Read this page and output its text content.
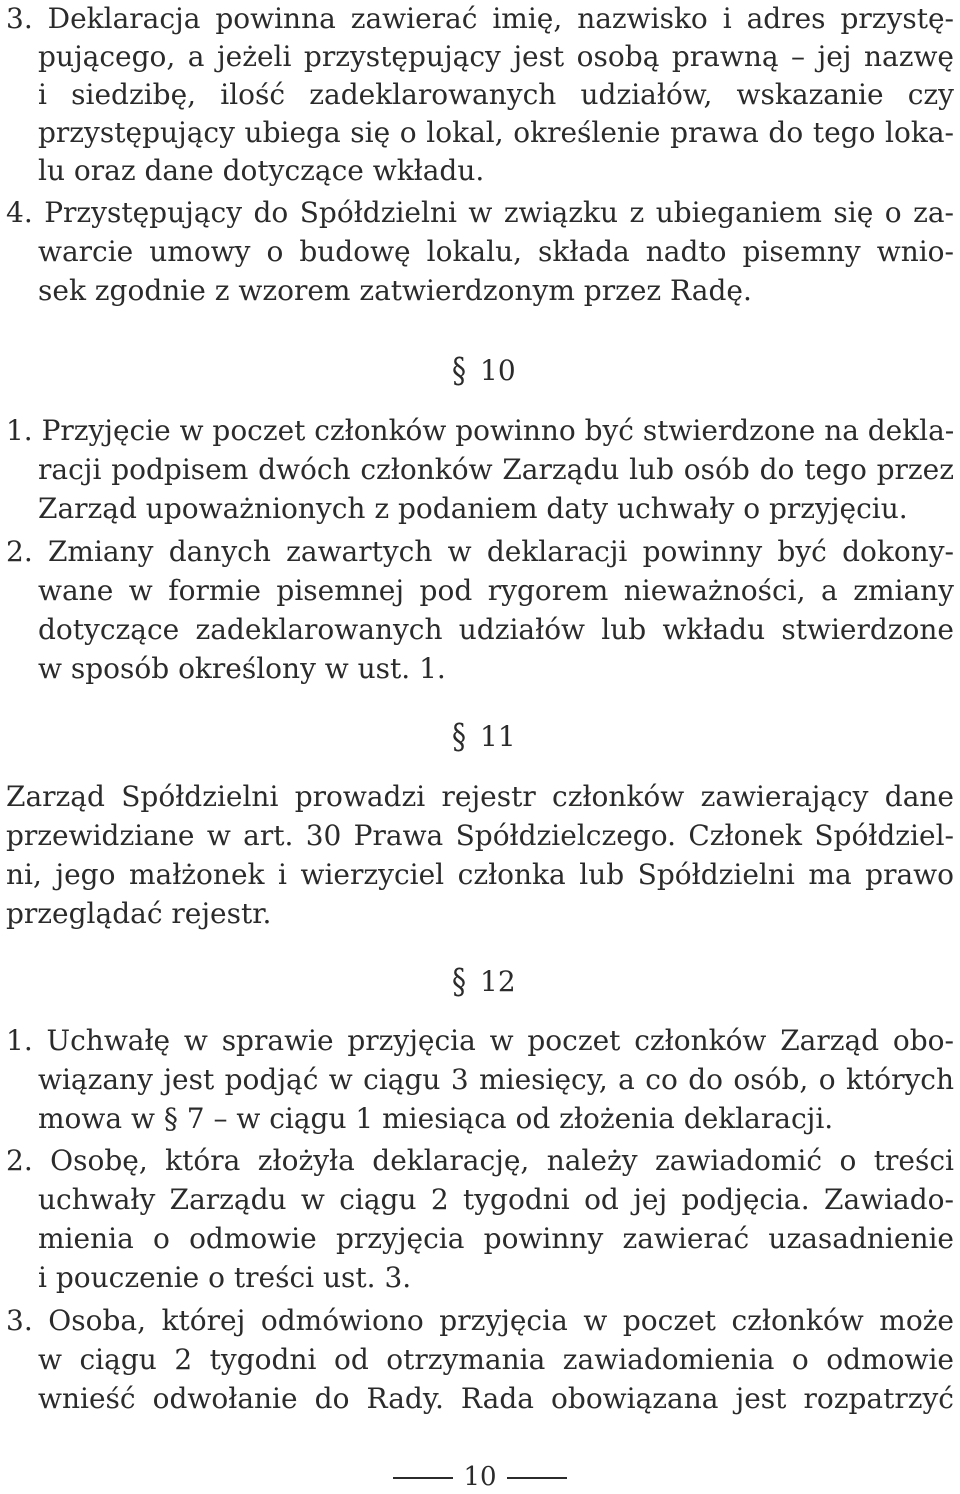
3. Deklaracja powinna zawierać imię, nazwisko i adres przystę-
pującego, a jeżeli przystępujący jest osobą prawną – jej nazwę
i siedzibę, ilość zadeklarowanych udziałów, wskazanie czy
przystępujący ubiega się o lokal, określenie prawa do tego loka-
lu oraz dane dotyczące wkładu.
4. Przystępujący do Spółdzielni w związku z ubieganiem się o za-
warcie umowy o budowę lokalu, składa nadto pisemny wnio-
sek zgodnie z wzorem zatwierdzonym przez Radę.
§ 10
1. Przyjęcie w poczet członków powinno być stwierdzone na dekla-
racji podpisem dwóch członków Zarządu lub osób do tego przez
Zarząd upoważnionych z podaniem daty uchwały o przyjęciu.
2. Zmiany danych zawartych w deklaracji powinny być dokony-
wane w formie pisemnej pod rygorem nieważności, a zmiany
dotyczące zadeklarowanych udziałów lub wkładu stwierdzone
w sposób określony w ust. 1.
§ 11
Zarząd Spółdzielni prowadzi rejestr członków zawierający dane
przewidziane w art. 30 Prawa Spółdzielczego. Członek Spółdziel-
ni, jego małżonek i wierzyciel członka lub Spółdzielni ma prawo
przeglądać rejestr.
§ 12
1. Uchwałę w sprawie przyjęcia w poczet członków Zarząd obo-
wiązany jest podjąć w ciągu 3 miesięcy, a co do osób, o których
mowa w § 7 – w ciągu 1 miesiąca od złożenia deklaracji.
2. Osobę, która złożyła deklarację, należy zawiadomić o treści
uchwały Zarządu w ciągu 2 tygodni od jej podjęcia. Zawiado-
mienia o odmowie przyjęcia powinny zawierać uzasadnienie
i pouczenie o treści ust. 3.
3. Osoba, której odmówiono przyjęcia w poczet członków może
w ciągu 2 tygodni od otrzymania zawiadomienia o odmowie
wnieść odwołanie do Rady. Rada obowiązana jest rozpatrzyć
10
